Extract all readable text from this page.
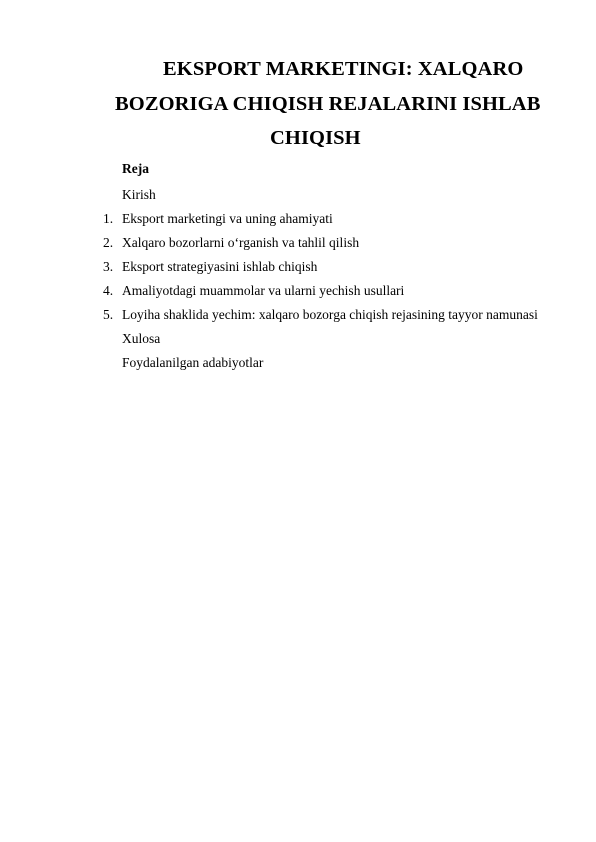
EKSPORT MARKETINGI: XALQARO
BOZORIGA CHIQISH REJALARINI ISHLAB
CHIQISH
Reja
Kirish
1. Eksport marketingi va uning ahamiyati
2. Xalqaro bozorlarni o‘rganish va tahlil qilish
3. Eksport strategiyasini ishlab chiqish
4. Amaliyotdagi muammolar va ularni yechish usullari
5. Loyiha shaklida yechim: xalqaro bozorga chiqish rejasining tayyor namunasi
Xulosa
Foydalanilgan adabiyotlar
